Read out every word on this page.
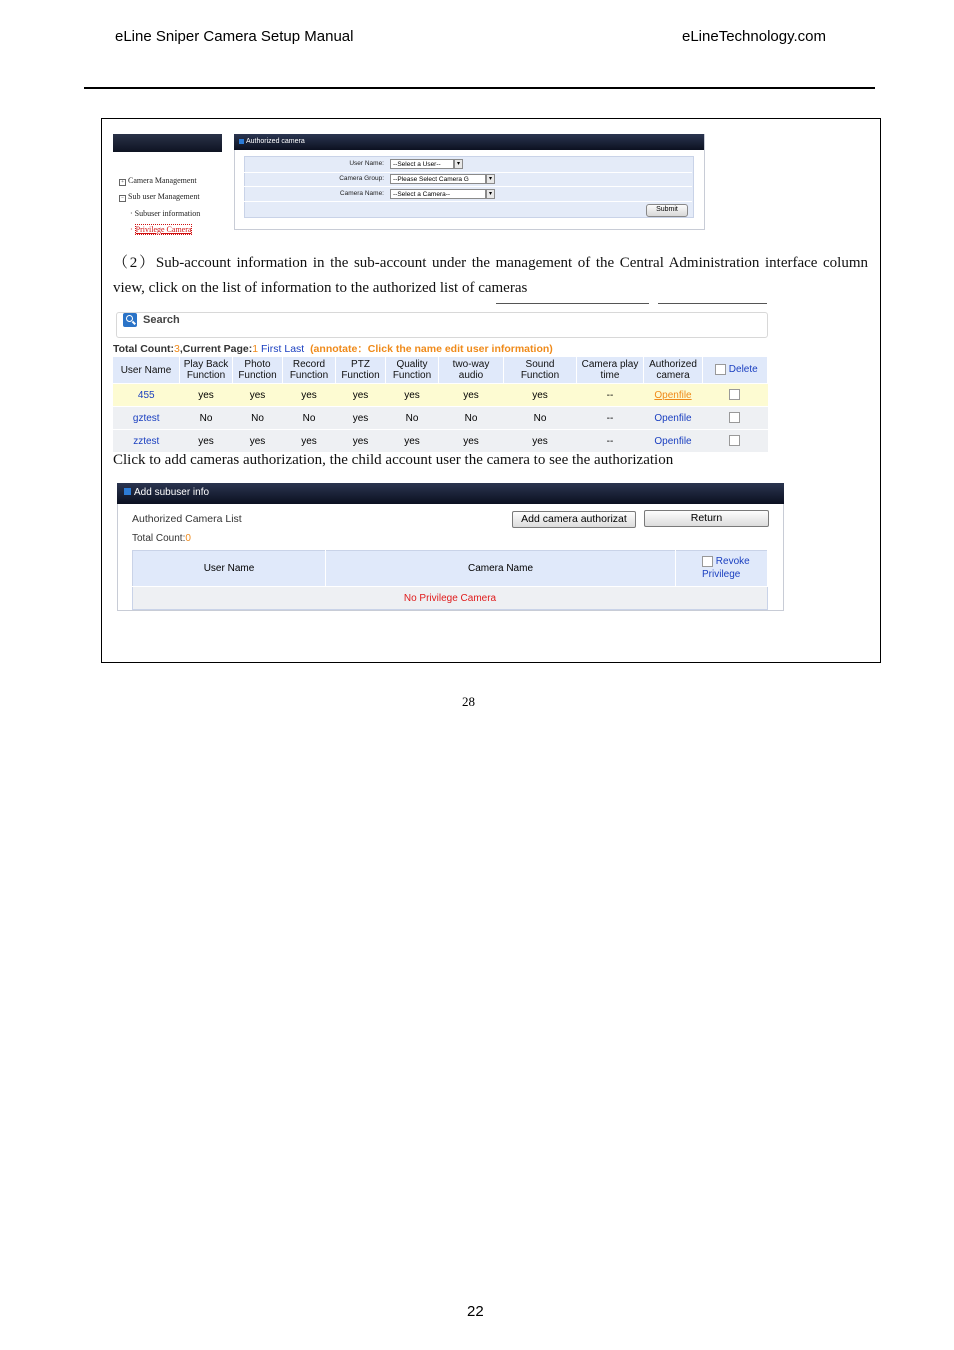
eLine Sniper Camera Setup Manual	eLineTechnology.com
+ Camera Management
− Sub user Management
· Subuser information
· Privilege Camera
Authorized camera
User Name:	--Select a User--	▾
Camera Group:	--Please Select Camera G	▾
Camera Name:	--Select a Camera--	▾
Submit
（2）Sub-account information in the sub-account under the management of the Central Administration interface column view, click on the list of information to the authorized list of cameras
Search
Total Count:3,Current Page:1 First Last (annotate：Click the name edit user information)
User Name	Play Back Function	Photo Function	Record Function	PTZ Function	Quality Function	two-way audio	Sound Function	Camera play time	Authorized camera	Delete
455	yes	yes	yes	yes	yes	yes	yes	--	Openfile	
gztest	No	No	No	yes	No	No	No	--	Openfile	
zztest	yes	yes	yes	yes	yes	yes	yes	--	Openfile	
Click to add cameras authorization, the child account user the camera to see the authorization
Add subuser info
Authorized Camera List	Add camera authorizat	Return
Total Count:0
User Name	Camera Name	Revoke
Privilege
No Privilege Camera
28
22
